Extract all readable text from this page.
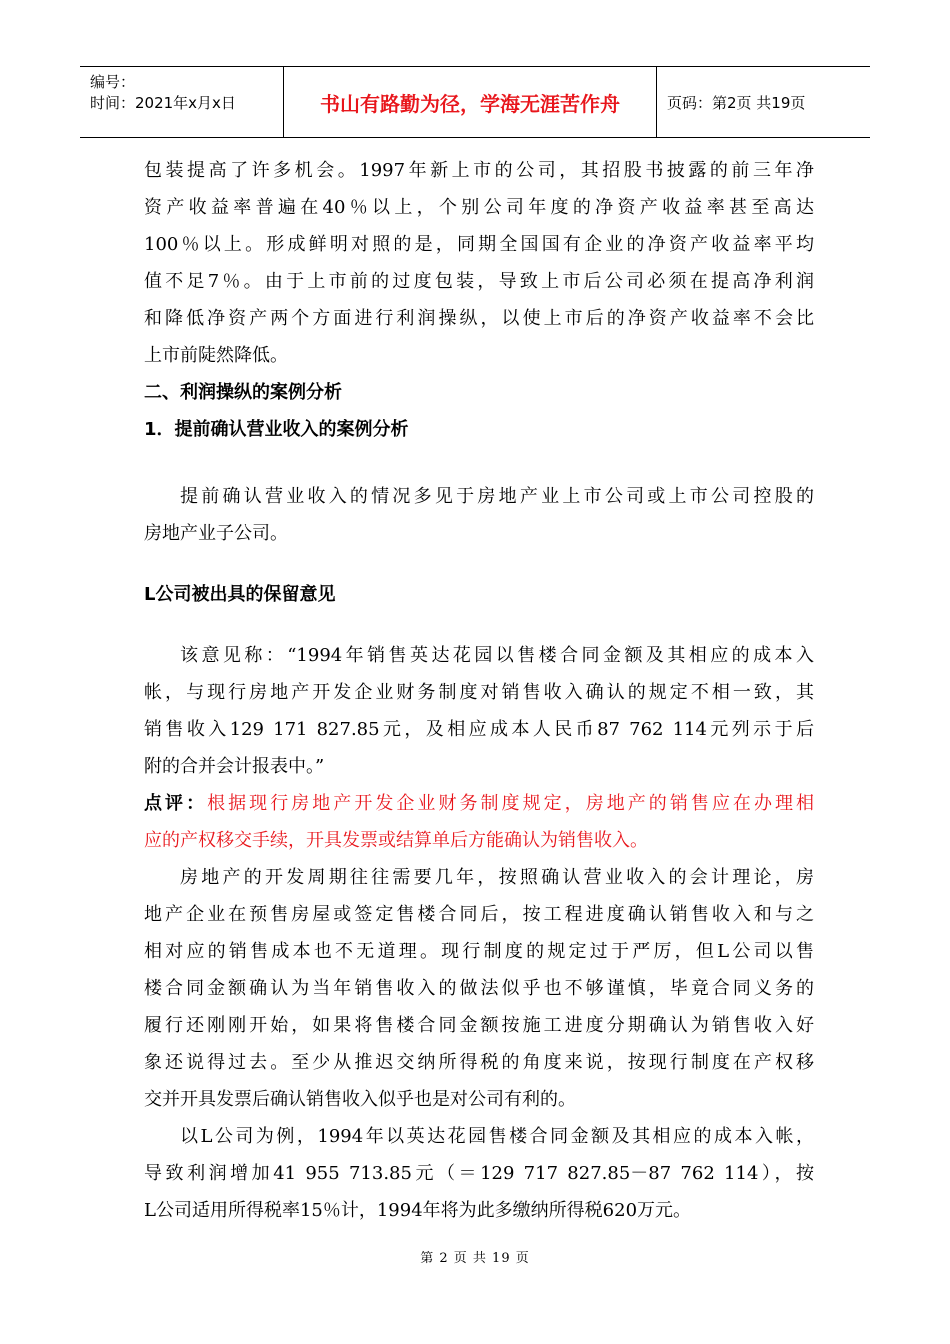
编号：
时间：2021年x月x日	书山有路勤为径，学海无涯苦作舟	页码：第2页 共19页

包装提高了许多机会。1997年新上市的公司，其招股书披露的前三年净

资产收益率普遍在40％以上，个别公司年度的净资产收益率甚至高达

100％以上。形成鲜明对照的是，同期全国国有企业的净资产收益率平均

值不足7％。由于上市前的过度包装，导致上市后公司必须在提高净利润

和降低净资产两个方面进行利润操纵，以使上市后的净资产收益率不会比

上市前陡然降低。

二、利润操纵的案例分析

1．提前确认营业收入的案例分析

提前确认营业收入的情况多见于房地产业上市公司或上市公司控股的

房地产业子公司。

L公司被出具的保留意见

该意见称：“1994年销售英达花园以售楼合同金额及其相应的成本入

帐，与现行房地产开发企业财务制度对销售收入确认的规定不相一致，其

销售收入129 171 827.85元，及相应成本人民币87 762 114元列示于后

附的合并会计报表中。”

点评：根据现行房地产开发企业财务制度规定，房地产的销售应在办理相

应的产权移交手续，开具发票或结算单后方能确认为销售收入。

房地产的开发周期往往需要几年，按照确认营业收入的会计理论，房

地产企业在预售房屋或签定售楼合同后，按工程进度确认销售收入和与之

相对应的销售成本也不无道理。现行制度的规定过于严厉，但L公司以售

楼合同金额确认为当年销售收入的做法似乎也不够谨慎，毕竟合同义务的

履行还刚刚开始，如果将售楼合同金额按施工进度分期确认为销售收入好

象还说得过去。至少从推迟交纳所得税的角度来说，按现行制度在产权移

交并开具发票后确认销售收入似乎也是对公司有利的。

以L公司为例，1994年以英达花园售楼合同金额及其相应的成本入帐，

导致利润增加41 955 713.85元（＝129 717 827.85－87 762 114），按

L公司适用所得税率15％计，1994年将为此多缴纳所得税620万元。

第 2 页 共 19 页
